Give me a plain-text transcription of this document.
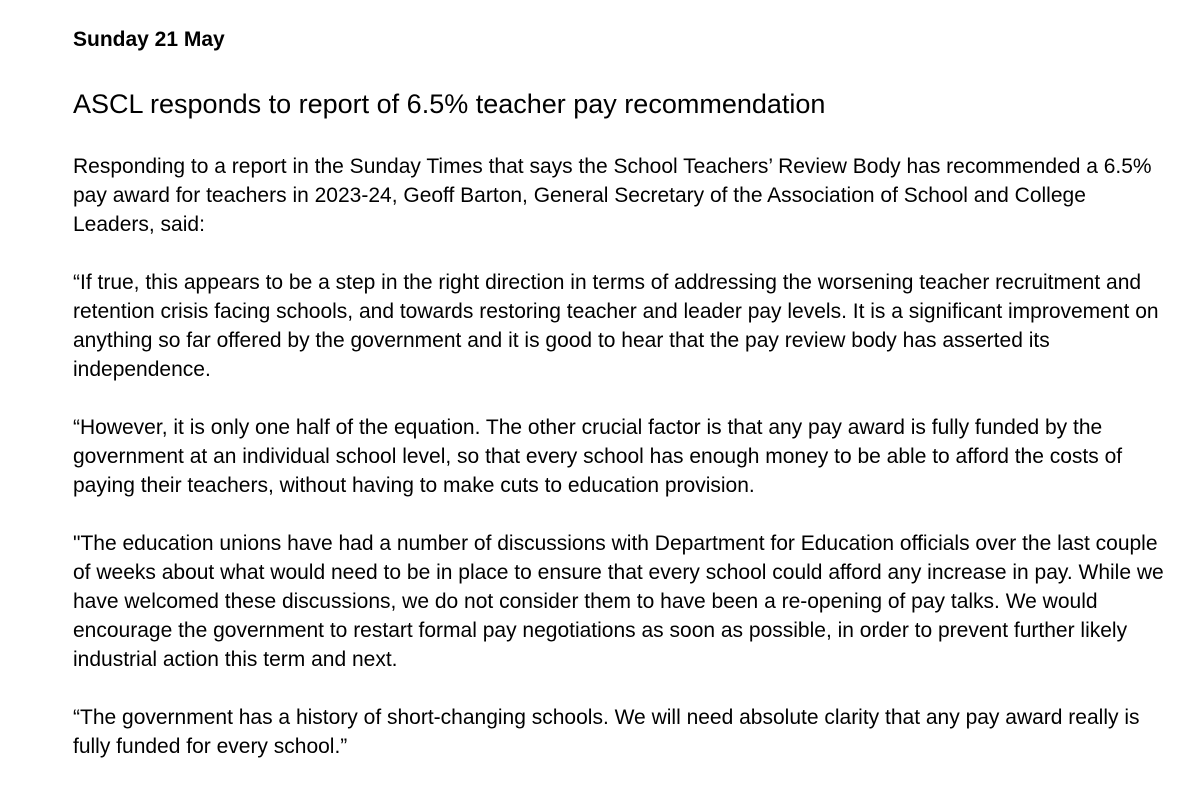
Sunday 21 May

ASCL responds to report of 6.5% teacher pay recommendation

Responding to a report in the Sunday Times that says the School Teachers’ Review Body has recommended a 6.5% pay award for teachers in 2023-24, Geoff Barton, General Secretary of the Association of School and College Leaders, said:

“If true, this appears to be a step in the right direction in terms of addressing the worsening teacher recruitment and retention crisis facing schools, and towards restoring teacher and leader pay levels. It is a significant improvement on anything so far offered by the government and it is good to hear that the pay review body has asserted its independence.

“However, it is only one half of the equation. The other crucial factor is that any pay award is fully funded by the government at an individual school level, so that every school has enough money to be able to afford the costs of paying their teachers, without having to make cuts to education provision.

"The education unions have had a number of discussions with Department for Education officials over the last couple of weeks about what would need to be in place to ensure that every school could afford any increase in pay. While we have welcomed these discussions, we do not consider them to have been a re-opening of pay talks. We would encourage the government to restart formal pay negotiations as soon as possible, in order to prevent further likely industrial action this term and next.

“The government has a history of short-changing schools. We will need absolute clarity that any pay award really is fully funded for every school.”
